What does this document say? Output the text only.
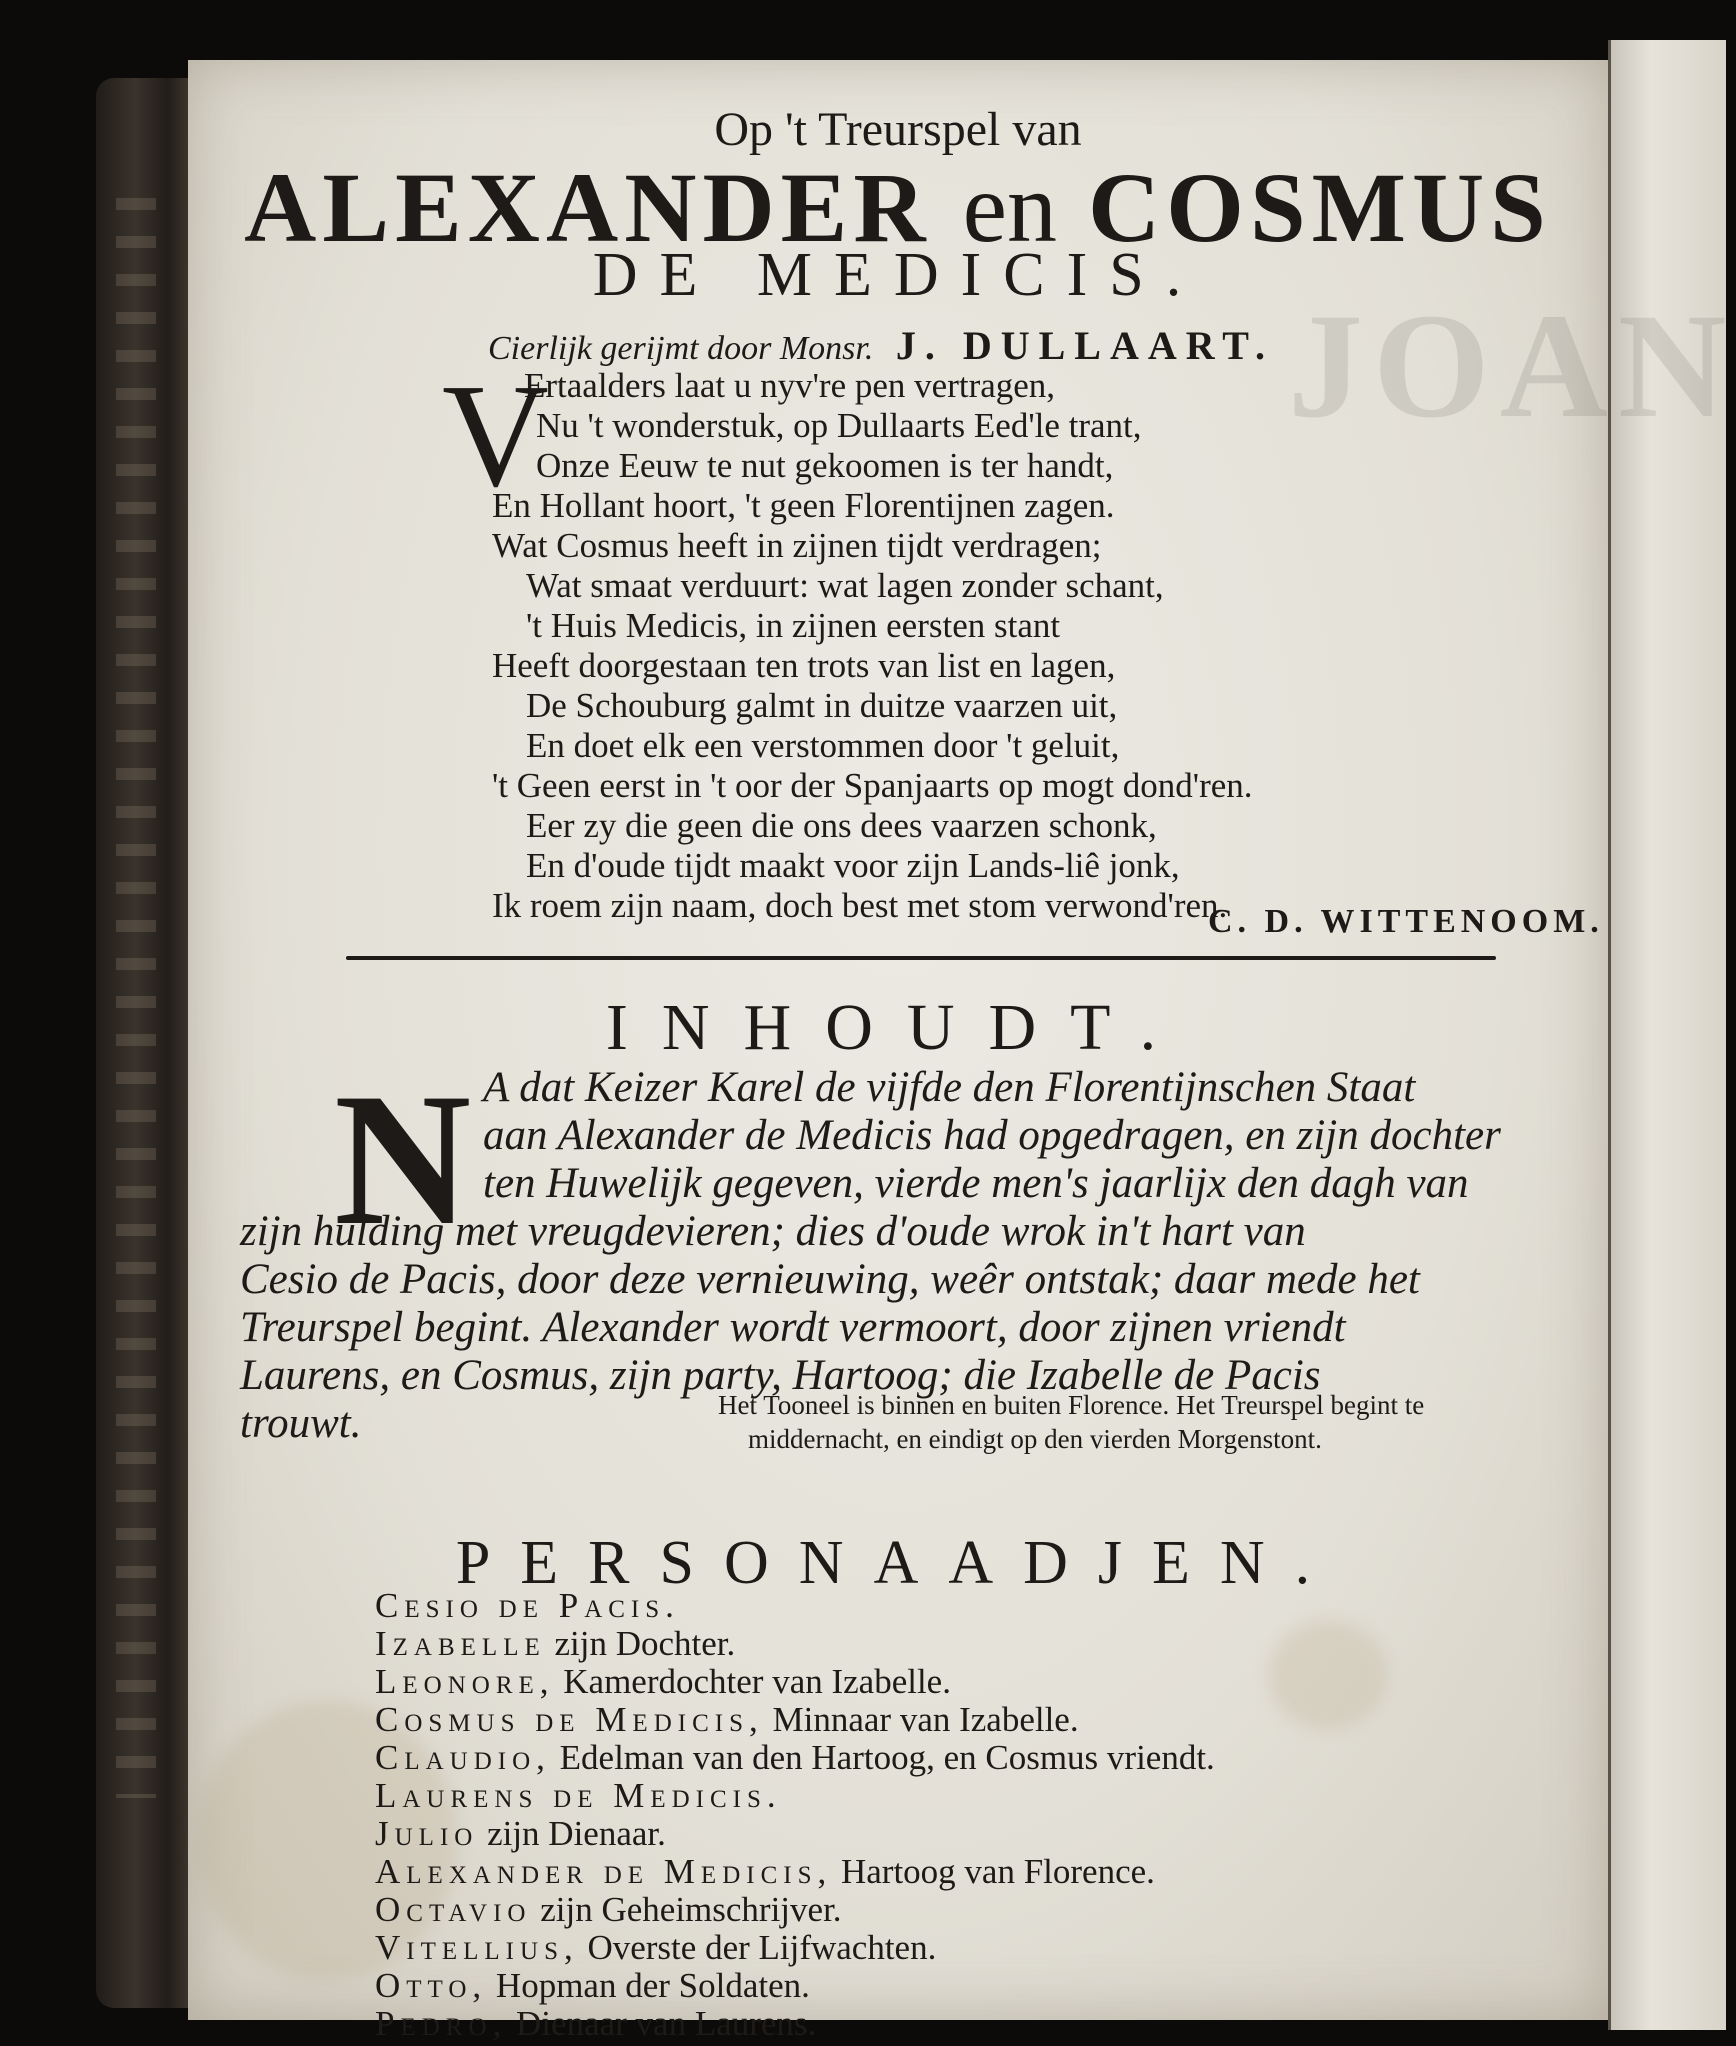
JOAN
Op 't Treurspel van
ALEXANDER en COSMUS
DE MEDICIS.
Cierlijk gerijmt door Monsr. J. DULLAART.
V
Ertaalders laat u nyv're pen vertragen,
Nu 't wonderstuk, op Dullaarts Eed'le trant,
Onze Eeuw te nut gekoomen is ter handt,
En Hollant hoort, 't geen Florentijnen zagen.
Wat Cosmus heeft in zijnen tijdt verdragen;
Wat smaat verduurt: wat lagen zonder schant,
't Huis Medicis, in zijnen eersten stant
Heeft doorgestaan ten trots van list en lagen,
De Schouburg galmt in duitze vaarzen uit,
En doet elk een verstommen door 't geluit,
't Geen eerst in 't oor der Spanjaarts op mogt dond'ren.
Eer zy die geen die ons dees vaarzen schonk,
En d'oude tijdt maakt voor zijn Lands-liê jonk,
Ik roem zijn naam, doch best met stom verwond'ren.
C. D. WITTENOOM.
INHOUDT.
N A dat Keizer Karel de vijfde den Florentijnschen Staat
aan Alexander de Medicis had opgedragen, en zijn dochter
ten Huwelijk gegeven, vierde men's jaarlijx den dagh van
zijn hulding met vreugdevieren; dies d'oude wrok in't hart van
Cesio de Pacis, door deze vernieuwing, weêr ontstak; daar mede het
Treurspel begint. Alexander wordt vermoort, door zijnen vriendt
Laurens, en Cosmus, zijn party, Hartoog; die Izabelle de Pacis
trouwt.	Het Tooneel is binnen en buiten Florence. Het Treurspel begint te
middernacht, en eindigt op den vierden Morgenstont.
PERSONAADJEN.
Cesio de Pacis.
Izabelle zijn Dochter.
Leonore, Kamerdochter van Izabelle.
Cosmus de Medicis, Minnaar van Izabelle.
Claudio, Edelman van den Hartoog, en Cosmus vriendt.
Laurens de Medicis.
Julio zijn Dienaar.
Alexander de Medicis, Hartoog van Florence.
Octavio zijn Geheimschrijver.
Vitellius, Overste der Lijfwachten.
Otto, Hopman der Soldaten.
Pedro, Dienaar van Laurens.
